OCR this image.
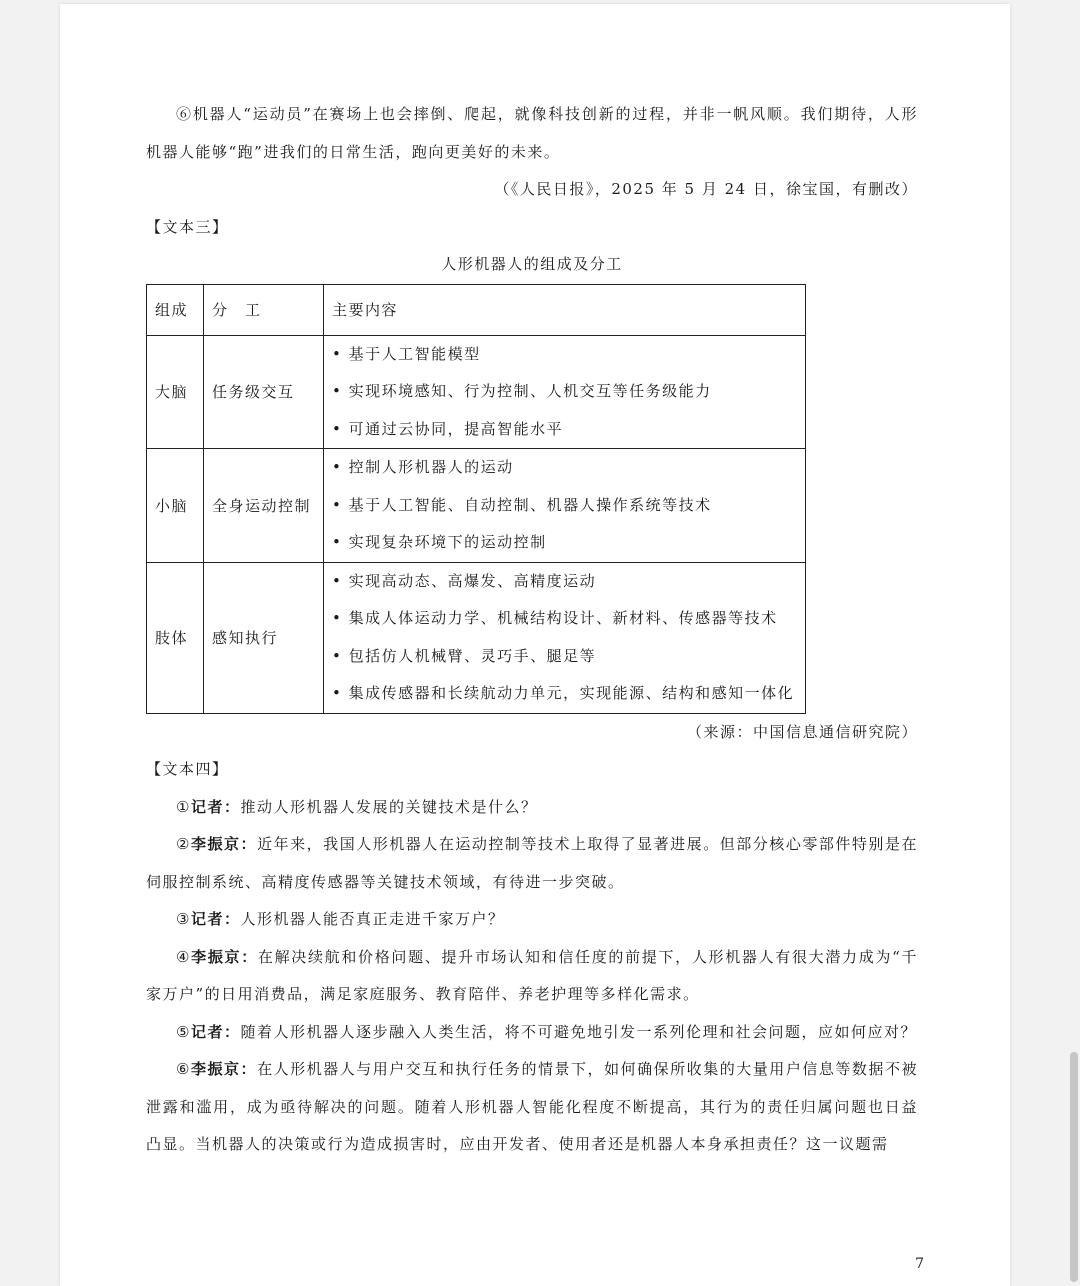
⑥机器人“运动员”在赛场上也会摔倒、爬起，就像科技创新的过程，并非一帆风顺。我们期待，人形机器人能够“跑”进我们的日常生活，跑向更美好的未来。

（《人民日报》，2025 年 5 月 24 日，徐宝国，有删改）

【文本三】

人形机器人的组成及分工
组成	分　工	主要内容
大脑	任务级交互	• 基于人工智能模型
• 实现环境感知、行为控制、人机交互等任务级能力
• 可通过云协同，提高智能水平

小脑	全身运动控制	• 控制人形机器人的运动
• 基于人工智能、自动控制、机器人操作系统等技术
• 实现复杂环境下的运动控制

肢体	感知执行	• 实现高动态、高爆发、高精度运动
• 集成人体运动力学、机械结构设计、新材料、传感器等技术
• 包括仿人机械臂、灵巧手、腿足等
• 集成传感器和长续航动力单元，实现能源、结构和感知一体化

（来源：中国信息通信研究院）

【文本四】

①记者：推动人形机器人发展的关键技术是什么？

②李振京：近年来，我国人形机器人在运动控制等技术上取得了显著进展。但部分核心零部件特别是在伺服控制系统、高精度传感器等关键技术领域，有待进一步突破。

③记者：人形机器人能否真正走进千家万户？

④李振京：在解决续航和价格问题、提升市场认知和信任度的前提下，人形机器人有很大潜力成为“千家万户”的日用消费品，满足家庭服务、教育陪伴、养老护理等多样化需求。

⑤记者：随着人形机器人逐步融入人类生活，将不可避免地引发一系列伦理和社会问题，应如何应对？

⑥李振京：在人形机器人与用户交互和执行任务的情景下，如何确保所收集的大量用户信息等数据不被泄露和滥用，成为亟待解决的问题。随着人形机器人智能化程度不断提高，其行为的责任归属问题也日益凸显。当机器人的决策或行为造成损害时，应由开发者、使用者还是机器人本身承担责任？这一议题需

7
